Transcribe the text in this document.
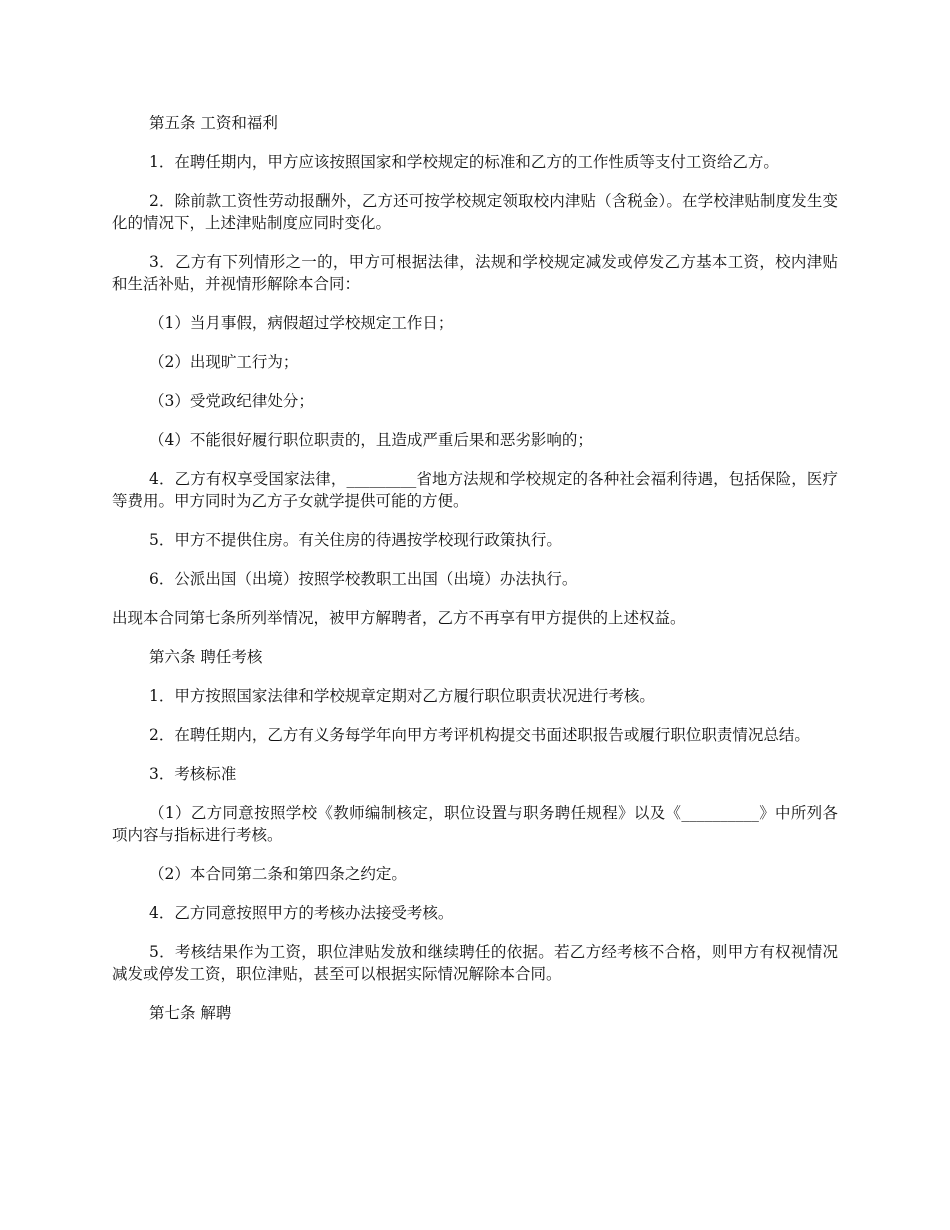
第五条 工资和福利

1．在聘任期内，甲方应该按照国家和学校规定的标准和乙方的工作性质等支付工资给乙方。

2．除前款工资性劳动报酬外，乙方还可按学校规定领取校内津贴（含税金）。在学校津贴制度发生变化的情况下，上述津贴制度应同时变化。

3．乙方有下列情形之一的，甲方可根据法律，法规和学校规定减发或停发乙方基本工资，校内津贴和生活补贴，并视情形解除本合同：

（1）当月事假，病假超过学校规定工作日；

（2）出现旷工行为；

（3）受党政纪律处分；

（4）不能很好履行职位职责的，且造成严重后果和恶劣影响的；

4．乙方有权享受国家法律，_________省地方法规和学校规定的各种社会福利待遇，包括保险，医疗等费用。甲方同时为乙方子女就学提供可能的方便。

5．甲方不提供住房。有关住房的待遇按学校现行政策执行。

6．公派出国（出境）按照学校教职工出国（出境）办法执行。

出现本合同第七条所列举情况，被甲方解聘者，乙方不再享有甲方提供的上述权益。

第六条 聘任考核

1．甲方按照国家法律和学校规章定期对乙方履行职位职责状况进行考核。

2．在聘任期内，乙方有义务每学年向甲方考评机构提交书面述职报告或履行职位职责情况总结。

3．考核标准

（1）乙方同意按照学校《教师编制核定，职位设置与职务聘任规程》以及《__________》中所列各项内容与指标进行考核。

（2）本合同第二条和第四条之约定。

4．乙方同意按照甲方的考核办法接受考核。

5．考核结果作为工资，职位津贴发放和继续聘任的依据。若乙方经考核不合格，则甲方有权视情况减发或停发工资，职位津贴，甚至可以根据实际情况解除本合同。

第七条 解聘
